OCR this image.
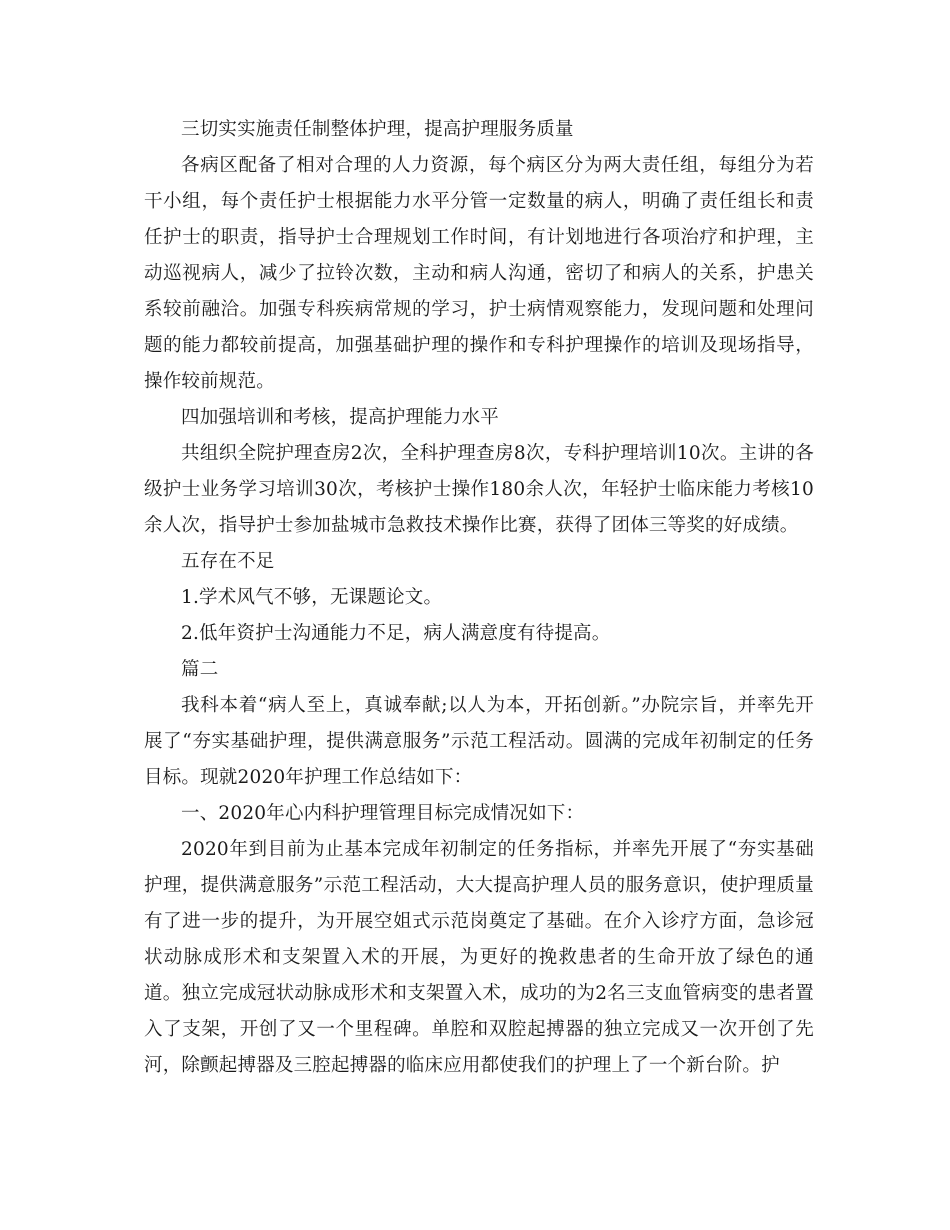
三切实实施责任制整体护理，提高护理服务质量

各病区配备了相对合理的人力资源，每个病区分为两大责任组，每组分为若干小组，每个责任护士根据能力水平分管一定数量的病人，明确了责任组长和责任护士的职责，指导护士合理规划工作时间，有计划地进行各项治疗和护理，主动巡视病人，减少了拉铃次数，主动和病人沟通，密切了和病人的关系，护患关系较前融洽。加强专科疾病常规的学习，护士病情观察能力，发现问题和处理问题的能力都较前提高，加强基础护理的操作和专科护理操作的培训及现场指导，操作较前规范。

四加强培训和考核，提高护理能力水平

共组织全院护理查房2次，全科护理查房8次，专科护理培训10次。主讲的各级护士业务学习培训30次，考核护士操作180余人次，年轻护士临床能力考核10余人次，指导护士参加盐城市急救技术操作比赛，获得了团体三等奖的好成绩。

五存在不足

1.学术风气不够，无课题论文。

2.低年资护士沟通能力不足，病人满意度有待提高。

篇二

我科本着“病人至上，真诚奉献;以人为本，开拓创新。”办院宗旨，并率先开展了“夯实基础护理，提供满意服务”示范工程活动。圆满的完成年初制定的任务目标。现就2020年护理工作总结如下：

一、2020年心内科护理管理目标完成情况如下：

2020年到目前为止基本完成年初制定的任务指标，并率先开展了“夯实基础护理，提供满意服务”示范工程活动，大大提高护理人员的服务意识，使护理质量有了进一步的提升，为开展空姐式示范岗奠定了基础。在介入诊疗方面，急诊冠状动脉成形术和支架置入术的开展，为更好的挽救患者的生命开放了绿色的通道。独立完成冠状动脉成形术和支架置入术，成功的为2名三支血管病变的患者置入了支架，开创了又一个里程碑。单腔和双腔起搏器的独立完成又一次开创了先河，除颤起搏器及三腔起搏器的临床应用都使我们的护理上了一个新台阶。护
